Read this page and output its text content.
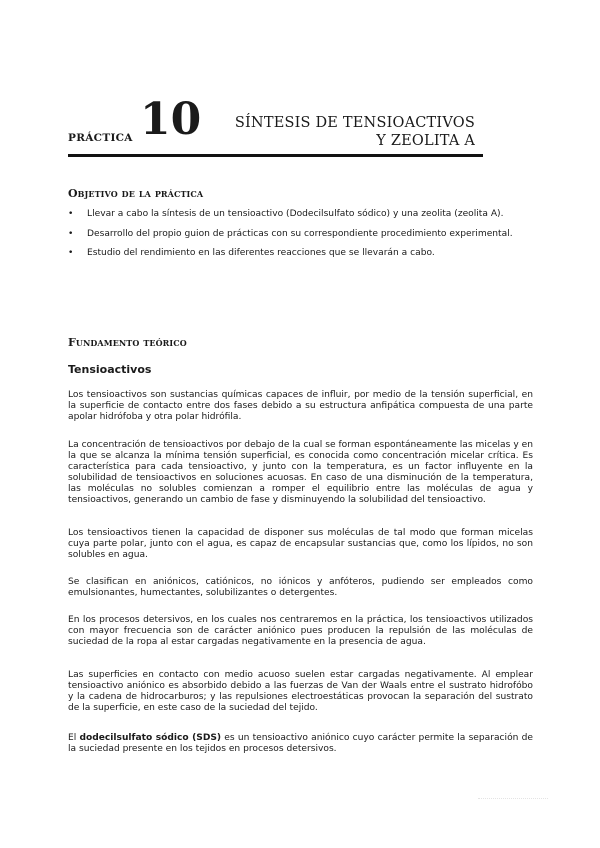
PRÁCTICA 10 SÍNTESIS DE TENSIOACTIVOS
Y ZEOLITA A
Objetivo de la práctica
• Llevar a cabo la síntesis de un tensioactivo (Dodecilsulfato sódico) y una zeolita (zeolita A).
• Desarrollo del propio guion de prácticas con su correspondiente procedimiento experimental.
• Estudio del rendimiento en las diferentes reacciones que se llevarán a cabo.
Fundamento teórico
Tensioactivos
Los tensioactivos son sustancias químicas capaces de influir, por medio de la tensión superficial, en la superficie de contacto entre dos fases debido a su estructura anfipática compuesta de una parte apolar hidrófoba y otra polar hidrófila.
La concentración de tensioactivos por debajo de la cual se forman espontáneamente las micelas y en la que se alcanza la mínima tensión superficial, es conocida como concentración micelar crítica. Es característica para cada tensioactivo, y junto con la temperatura, es un factor influyente en la solubilidad de tensioactivos en soluciones acuosas. En caso de una disminución de la temperatura, las moléculas no solubles comienzan a romper el equilibrio entre las moléculas de agua y tensioactivos, generando un cambio de fase y disminuyendo la solubilidad del tensioactivo.
Los tensioactivos tienen la capacidad de disponer sus moléculas de tal modo que forman micelas cuya parte polar, junto con el agua, es capaz de encapsular sustancias que, como los lípidos, no son solubles en agua.
Se clasifican en aniónicos, catiónicos, no iónicos y anfóteros, pudiendo ser empleados como emulsionantes, humectantes, solubilizantes o detergentes.
En los procesos detersivos, en los cuales nos centraremos en la práctica, los tensioactivos utilizados con mayor frecuencia son de carácter aniónico pues producen la repulsión de las moléculas de suciedad de la ropa al estar cargadas negativamente en la presencia de agua.
Las superficies en contacto con medio acuoso suelen estar cargadas negativamente. Al emplear tensioactivo aniónico es absorbido debido a las fuerzas de Van der Waals entre el sustrato hidrofóbo y la cadena de hidrocarburos; y las repulsiones electroestáticas provocan la separación del sustrato de la superficie, en este caso de la suciedad del tejido.
El dodecilsulfato sódico (SDS) es un tensioactivo aniónico cuyo carácter permite la separación de la suciedad presente en los tejidos en procesos detersivos.
